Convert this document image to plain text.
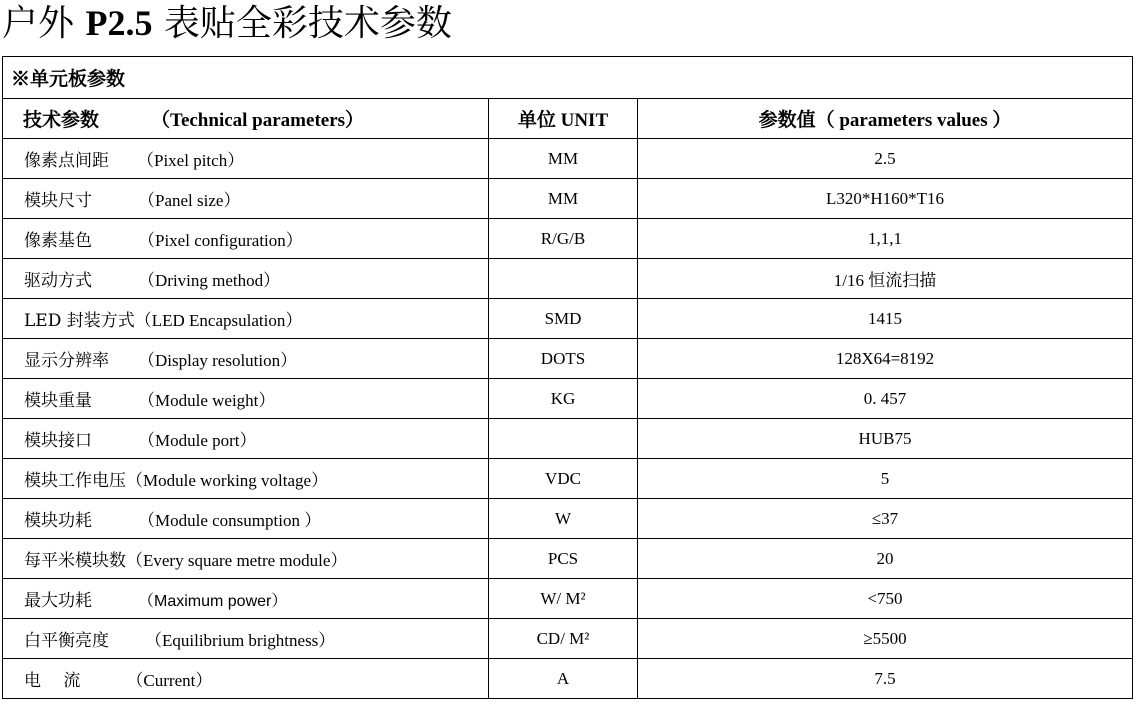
户外 P2.5 表贴全彩技术参数
※单元板参数		
技术参数 （Technical parameters）	单位 UNIT	参数值（ parameters values ）
像素点间距 （Pixel pitch）	MM	2.5
模块尺寸 （Panel size）	MM	L320*H160*T16
像素基色 （Pixel configuration）	R/G/B	1,1,1
驱动方式 （Driving method）		1/16 恒流扫描
LED 封装方式（LED Encapsulation）	SMD	1415
显示分辨率 （Display resolution）	DOTS	128X64=8192
模块重量 （Module weight）	KG	0. 457
模块接口 （Module port）		HUB75
模块工作电压（Module working voltage）	VDC	5
模块功耗 （Module consumption ）	W	≤37
每平米模块数（Every square metre module）	PCS	20
最大功耗 （Maximum power）	W/ M²	<750
白平衡亮度 （Equilibrium brightness）	CD/ M²	≥5500
电　 流 （Current）	A	7.5
